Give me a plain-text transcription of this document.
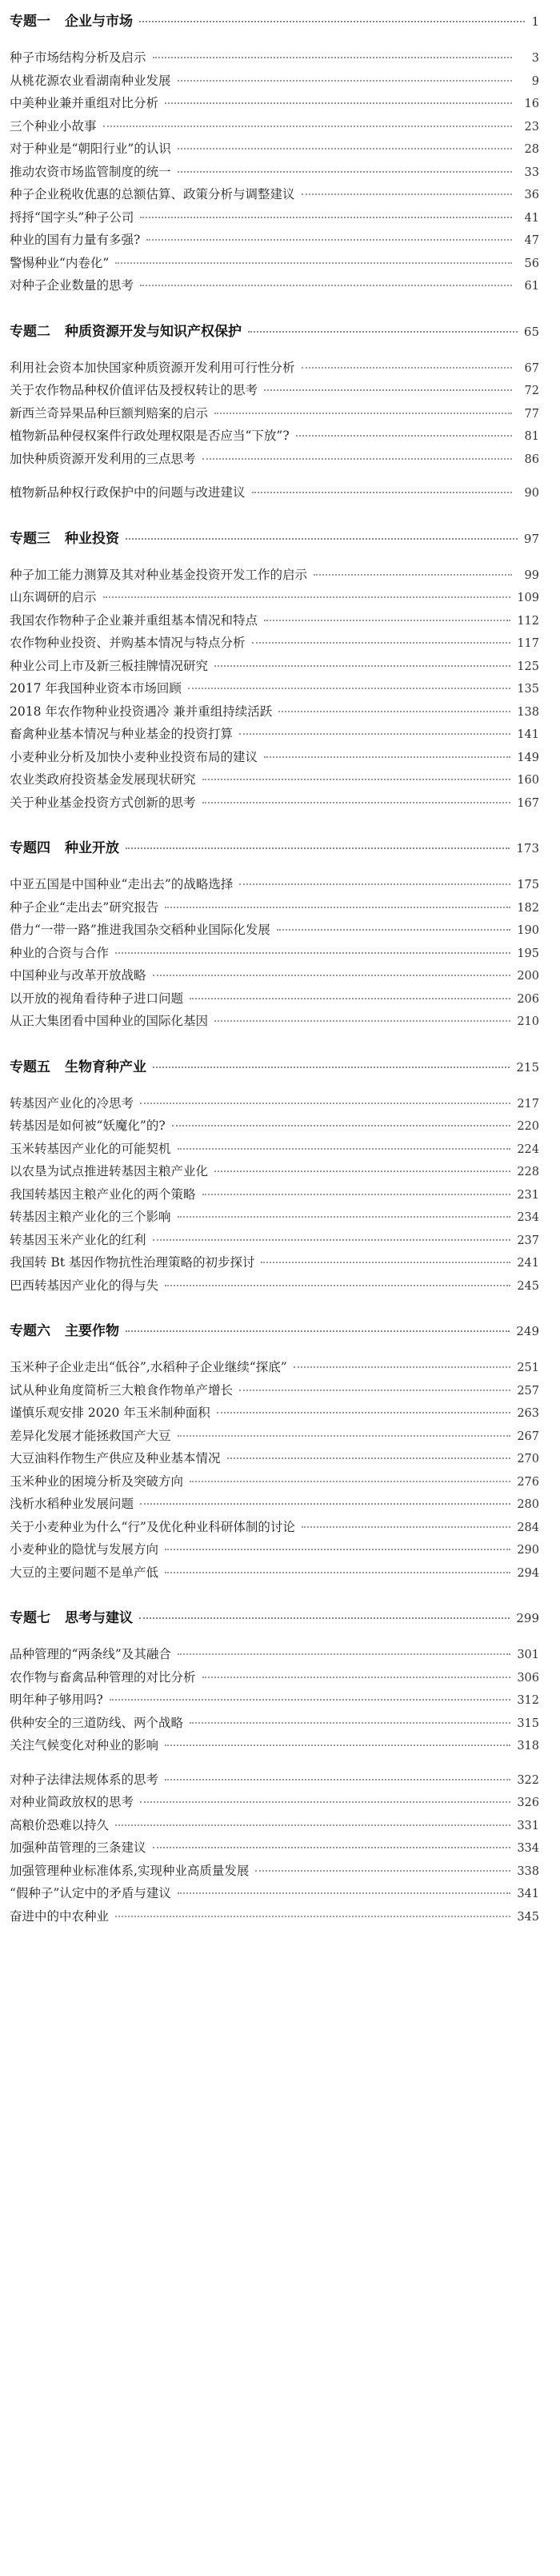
专题一 企业与市场	1
种子市场结构分析及启示	3
从桃花源农业看湖南种业发展	9
中美种业兼并重组对比分析	16
三个种业小故事	23
对于种业是“朝阳行业”的认识	28
推动农资市场监管制度的统一	33
种子企业税收优惠的总额估算、政策分析与调整建议	36
捋捋“国字头”种子公司	41
种业的国有力量有多强?	47
警惕种业“内卷化”	56
对种子企业数量的思考	61
专题二 种质资源开发与知识产权保护	65
利用社会资本加快国家种质资源开发利用可行性分析	67
关于农作物品种权价值评估及授权转让的思考	72
新西兰奇异果品种巨额判赔案的启示	77
植物新品种侵权案件行政处理权限是否应当“下放”?	81
加快种质资源开发利用的三点思考	86
植物新品种权行政保护中的问题与改进建议	90
专题三 种业投资	97
种子加工能力测算及其对种业基金投资开发工作的启示	99
山东调研的启示	109
我国农作物种子企业兼并重组基本情况和特点	112
农作物种业投资、并购基本情况与特点分析	117
种业公司上市及新三板挂牌情况研究	125
2017 年我国种业资本市场回顾	135
2018 年农作物种业投资遇冷 兼并重组持续活跃	138
畜禽种业基本情况与种业基金的投资打算	141
小麦种业分析及加快小麦种业投资布局的建议	149
农业类政府投资基金发展现状研究	160
关于种业基金投资方式创新的思考	167
专题四 种业开放	173
中亚五国是中国种业“走出去”的战略选择	175
种子企业“走出去”研究报告	182
借力“一带一路”推进我国杂交稻种业国际化发展	190
种业的合资与合作	195
中国种业与改革开放战略	200
以开放的视角看待种子进口问题	206
从正大集团看中国种业的国际化基因	210
专题五 生物育种产业	215
转基因产业化的冷思考	217
转基因是如何被“妖魔化”的?	220
玉米转基因产业化的可能契机	224
以农垦为试点推进转基因主粮产业化	228
我国转基因主粮产业化的两个策略	231
转基因主粮产业化的三个影响	234
转基因玉米产业化的红利	237
我国转 Bt 基因作物抗性治理策略的初步探讨	241
巴西转基因产业化的得与失	245
专题六 主要作物	249
玉米种子企业走出“低谷”,水稻种子企业继续“探底”	251
试从种业角度简析三大粮食作物单产增长	257
谨慎乐观安排 2020 年玉米制种面积	263
差异化发展才能拯救国产大豆	267
大豆油料作物生产供应及种业基本情况	270
玉米种业的困境分析及突破方向	276
浅析水稻种业发展问题	280
关于小麦种业为什么“行”及优化种业科研体制的讨论	284
小麦种业的隐忧与发展方向	290
大豆的主要问题不是单产低	294
专题七 思考与建议	299
品种管理的“两条线”及其融合	301
农作物与畜禽品种管理的对比分析	306
明年种子够用吗?	312
供种安全的三道防线、两个战略	315
关注气候变化对种业的影响	318
对种子法律法规体系的思考	322
对种业简政放权的思考	326
高粮价恐难以持久	331
加强种苗管理的三条建议	334
加强管理种业标准体系,实现种业高质量发展	338
“假种子”认定中的矛盾与建议	341
奋进中的中农种业	345
